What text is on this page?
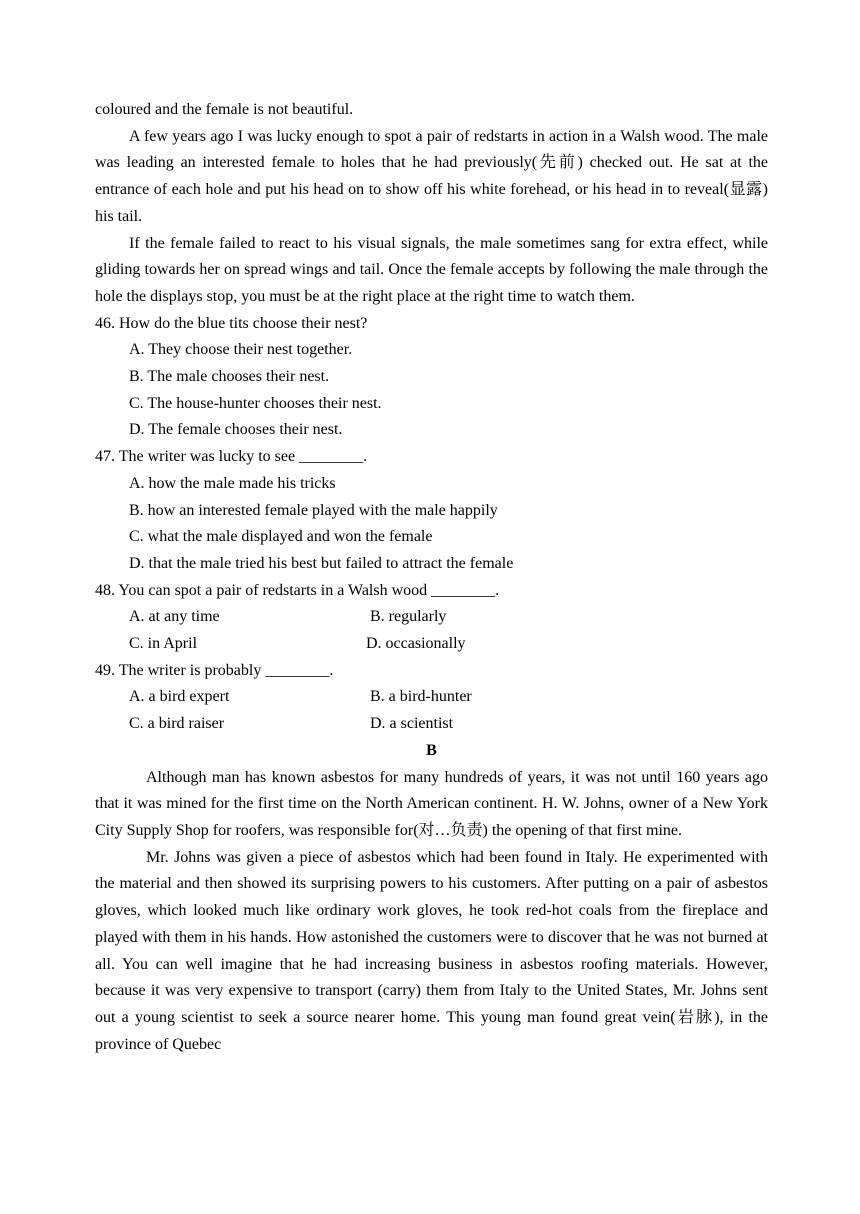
coloured and the female is not beautiful.

A few years ago I was lucky enough to spot a pair of redstarts in action in a Walsh wood. The male was leading an interested female to holes that he had previously(先前) checked out. He sat at the entrance of each hole and put his head on to show off his white forehead, or his head in to reveal(显露) his tail.

If the female failed to react to his visual signals, the male sometimes sang for extra effect, while gliding towards her on spread wings and tail. Once the female accepts by following the male through the hole the displays stop, you must be at the right place at the right time to watch them.

46. How do the blue tits choose their nest?

A. They choose their nest together.

B. The male chooses their nest.

C. The house-hunter chooses their nest.

D. The female chooses their nest.

47. The writer was lucky to see ________.

A. how the male made his tricks

B. how an interested female played with the male happily

C. what the male displayed and won the female

D. that the male tried his best but failed to attract the female

48. You can spot a pair of redstarts in a Walsh wood ________.

A. at any time	B. regularly
C. in April	D. occasionally

49. The writer is probably ________.

A. a bird expert	B. a bird-hunter
C. a bird raiser	D. a scientist

B

Although man has known asbestos for many hundreds of years, it was not until 160 years ago that it was mined for the first time on the North American continent. H. W. Johns, owner of a New York City Supply Shop for roofers, was responsible for(对…负责) the opening of that first mine.

Mr. Johns was given a piece of asbestos which had been found in Italy. He experimented with the material and then showed its surprising powers to his customers. After putting on a pair of asbestos gloves, which looked much like ordinary work gloves, he took red-hot coals from the fireplace and played with them in his hands. How astonished the customers were to discover that he was not burned at all. You can well imagine that he had increasing business in asbestos roofing materials. However, because it was very expensive to transport (carry) them from Italy to the United States, Mr. Johns sent out a young scientist to seek a source nearer home. This young man found great vein(岩脉), in the province of Quebec
